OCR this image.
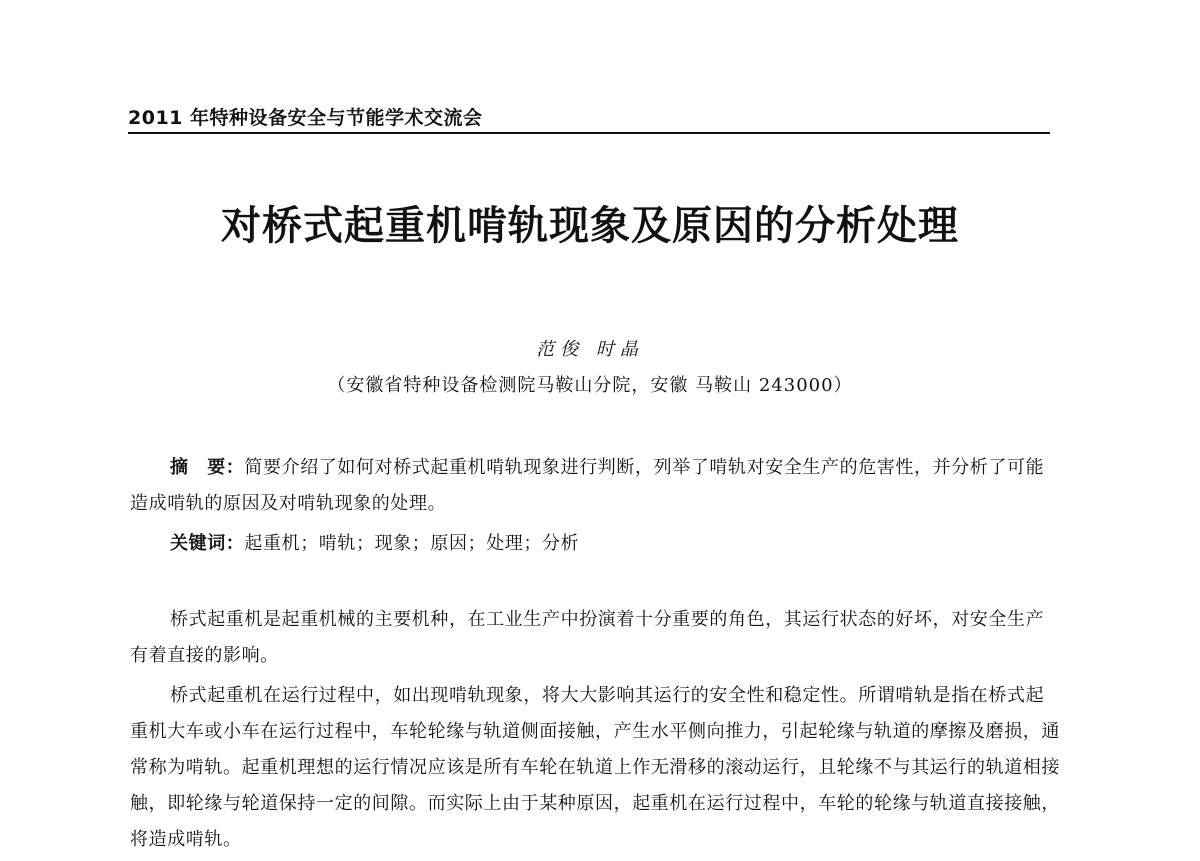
2011 年特种设备安全与节能学术交流会
对桥式起重机啃轨现象及原因的分析处理
范俊 时晶
（安徽省特种设备检测院马鞍山分院，安徽 马鞍山 243000）
摘　要：简要介绍了如何对桥式起重机啃轨现象进行判断，列举了啃轨对安全生产的危害性，并分析了可能造成啃轨的原因及对啃轨现象的处理。
关键词：起重机；啃轨；现象；原因；处理；分析
桥式起重机是起重机械的主要机种，在工业生产中扮演着十分重要的角色，其运行状态的好坏，对安全生产有着直接的影响。
桥式起重机在运行过程中，如出现啃轨现象，将大大影响其运行的安全性和稳定性。所谓啃轨是指在桥式起重机大车或小车在运行过程中，车轮轮缘与轨道侧面接触，产生水平侧向推力，引起轮缘与轨道的摩擦及磨损，通常称为啃轨。起重机理想的运行情况应该是所有车轮在轨道上作无滑移的滚动运行，且轮缘不与其运行的轨道相接触，即轮缘与轮道保持一定的间隙。而实际上由于某种原因，起重机在运行过程中，车轮的轮缘与轨道直接接触，将造成啃轨。
